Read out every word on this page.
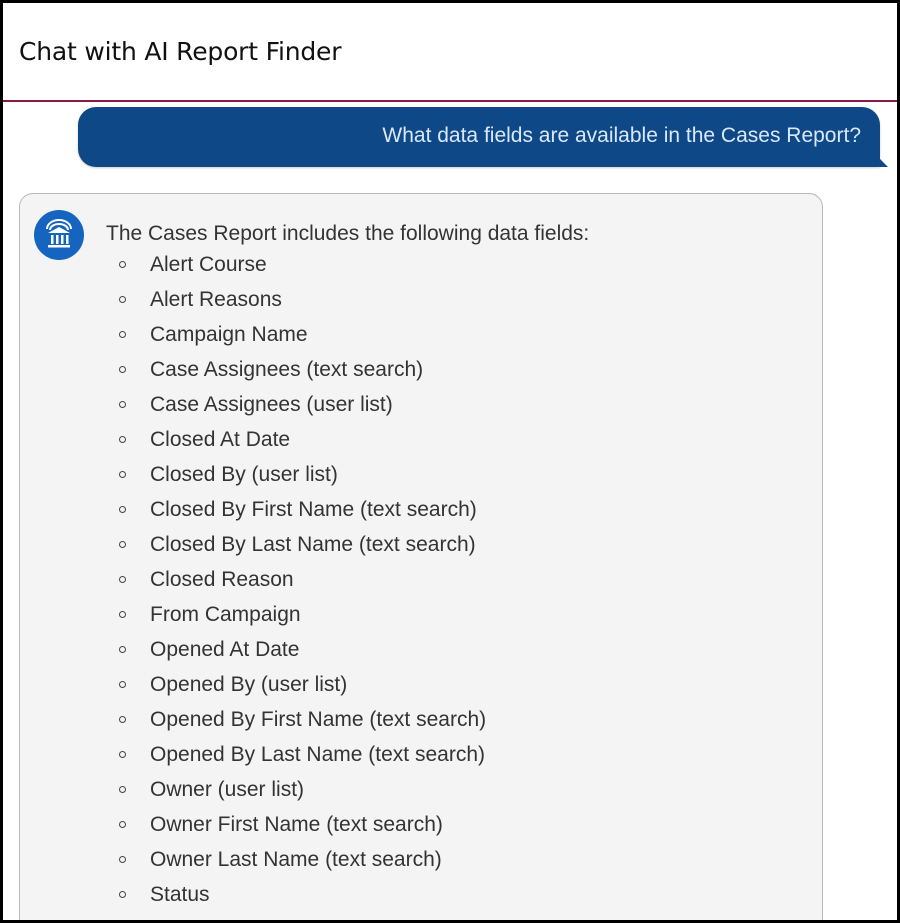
Chat with AI Report Finder
What data fields are available in the Cases Report?
The Cases Report includes the following data fields:
Alert Course
Alert Reasons
Campaign Name
Case Assignees (text search)
Case Assignees (user list)
Closed At Date
Closed By (user list)
Closed By First Name (text search)
Closed By Last Name (text search)
Closed Reason
From Campaign
Opened At Date
Opened By (user list)
Opened By First Name (text search)
Opened By Last Name (text search)
Owner (user list)
Owner First Name (text search)
Owner Last Name (text search)
Status
